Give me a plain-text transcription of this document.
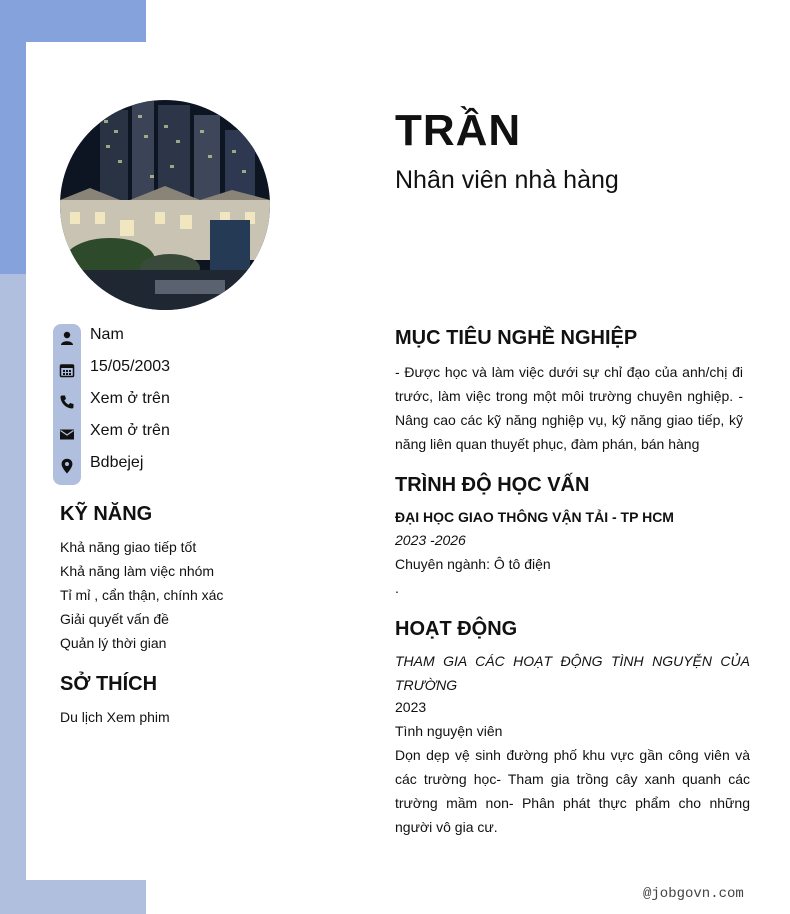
TRẦN
Nhân viên nhà hàng
Nam
15/05/2003
Xem ở trên
Xem ở trên
Bdbejej
KỸ NĂNG
Khả năng giao tiếp tốt
Khả năng làm việc nhóm
Tỉ mỉ , cẩn thận, chính xác
Giải quyết vấn đề
Quản lý thời gian
SỞ THÍCH

Du lịch Xem phim

MỤC TIÊU NGHỀ NGHIỆP

- Được học và làm việc dưới sự chỉ đạo của anh/chị đi trước, làm việc trong một môi trường chuyên nghiệp. - Nâng cao các kỹ năng nghiệp vụ, kỹ năng giao tiếp, kỹ năng liên quan thuyết phục, đàm phán, bán hàng

TRÌNH ĐỘ HỌC VẤN

ĐẠI HỌC GIAO THÔNG VẬN TẢI - TP HCM

2023 -2026

Chuyên ngành: Ô tô điện

.

HOẠT ĐỘNG

THAM GIA CÁC HOẠT ĐỘNG TÌNH NGUYỆN CỦA TRƯỜNG

2023

Tình nguyện viên

Dọn dẹp vệ sinh đường phố khu vực gần công viên và các trường học- Tham gia trồng cây xanh quanh các trường mầm non- Phân phát thực phẩm cho những người vô gia cư.

@jobgovn.com
